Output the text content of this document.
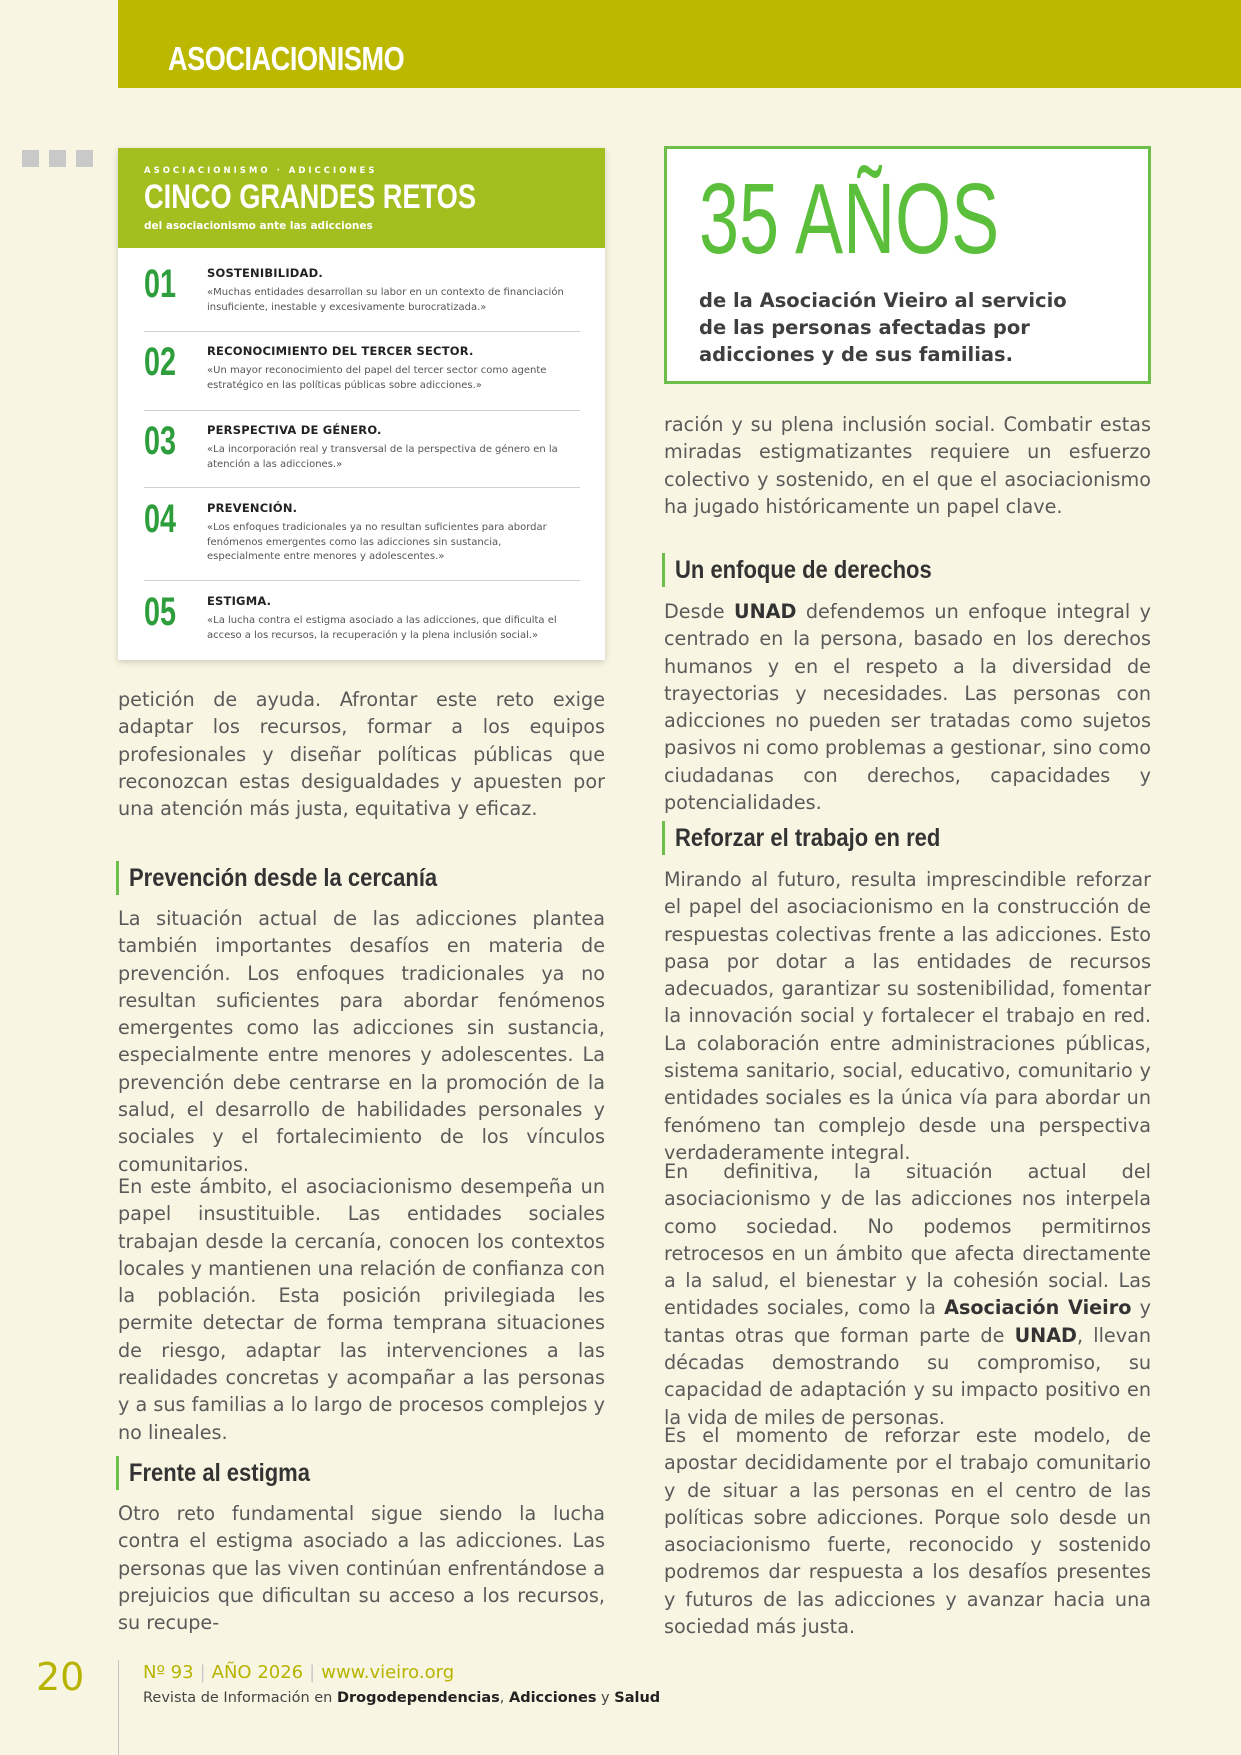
ASOCIACIONISMO
ASOCIACIONISMO · ADICCIONES
CINCO GRANDES RETOS
del asociacionismo ante las adicciones
01	SOSTENIBILIDAD.
«Muchas entidades desarrollan su labor en un contexto de financiación insuficiente, inestable y excesivamente burocratizada.»
02	RECONOCIMIENTO DEL TERCER SECTOR.
«Un mayor reconocimiento del papel del tercer sector como agente estratégico en las políticas públicas sobre adicciones.»
03	PERSPECTIVA DE GÉNERO.
«La incorporación real y transversal de la perspectiva de género en la atención a las adicciones.»
04	PREVENCIÓN.
«Los enfoques tradicionales ya no resultan suficientes para abordar fenómenos emergentes como las adicciones sin sustancia, especialmente entre menores y adolescentes.»
05	ESTIGMA.
«La lucha contra el estigma asociado a las adicciones, que dificulta el acceso a los recursos, la recuperación y la plena inclusión social.»
35 AÑOS
de la Asociación Vieiro al servicio de las personas afectadas por adicciones y de sus familias.

petición de ayuda. Afrontar este reto exige adaptar los recursos, formar a los equipos profesionales y diseñar políticas públicas que reconozcan estas desigualdades y apuesten por una atención más justa, equitativa y eficaz.

Prevención desde la cercanía

La situación actual de las adicciones plantea también importantes desafíos en materia de prevención. Los enfoques tradicionales ya no resultan suficientes para abordar fenómenos emergentes como las adicciones sin sustancia, especialmente entre menores y adolescentes. La prevención debe centrarse en la promoción de la salud, el desarrollo de habilidades personales y sociales y el fortalecimiento de los vínculos comunitarios.

En este ámbito, el asociacionismo desempeña un papel insustituible. Las entidades sociales trabajan desde la cercanía, conocen los contextos locales y mantienen una relación de confianza con la población. Esta posición privilegiada les permite detectar de forma temprana situaciones de riesgo, adaptar las intervenciones a las realidades concretas y acompañar a las personas y a sus familias a lo largo de procesos complejos y no lineales.

Frente al estigma

Otro reto fundamental sigue siendo la lucha contra el estigma asociado a las adicciones. Las personas que las viven continúan enfrentándose a prejuicios que dificultan su acceso a los recursos, su recupe-

ración y su plena inclusión social. Combatir estas miradas estigmatizantes requiere un esfuerzo colectivo y sostenido, en el que el asociacionismo ha jugado históricamente un papel clave.

Un enfoque de derechos

Desde UNAD defendemos un enfoque integral y centrado en la persona, basado en los derechos humanos y en el respeto a la diversidad de trayectorias y necesidades. Las personas con adicciones no pueden ser tratadas como sujetos pasivos ni como problemas a gestionar, sino como ciudadanas con derechos, capacidades y potencialidades.

Reforzar el trabajo en red

Mirando al futuro, resulta imprescindible reforzar el papel del asociacionismo en la construcción de respuestas colectivas frente a las adicciones. Esto pasa por dotar a las entidades de recursos adecuados, garantizar su sostenibilidad, fomentar la innovación social y fortalecer el trabajo en red. La colaboración entre administraciones públicas, sistema sanitario, social, educativo, comunitario y entidades sociales es la única vía para abordar un fenómeno tan complejo desde una perspectiva verdaderamente integral.

En definitiva, la situación actual del asociacionismo y de las adicciones nos interpela como sociedad. No podemos permitirnos retrocesos en un ámbito que afecta directamente a la salud, el bienestar y la cohesión social. Las entidades sociales, como la Asociación Vieiro y tantas otras que forman parte de UNAD, llevan décadas demostrando su compromiso, su capacidad de adaptación y su impacto positivo en la vida de miles de personas.

Es el momento de reforzar este modelo, de apostar decididamente por el trabajo comunitario y de situar a las personas en el centro de las políticas sobre adicciones. Porque solo desde un asociacionismo fuerte, reconocido y sostenido podremos dar respuesta a los desafíos presentes y futuros de las adicciones y avanzar hacia una sociedad más justa.

20	Nº 93 | AÑO 2026 | www.vieiro.org
Revista de Información en Drogodependencias, Adicciones y Salud
